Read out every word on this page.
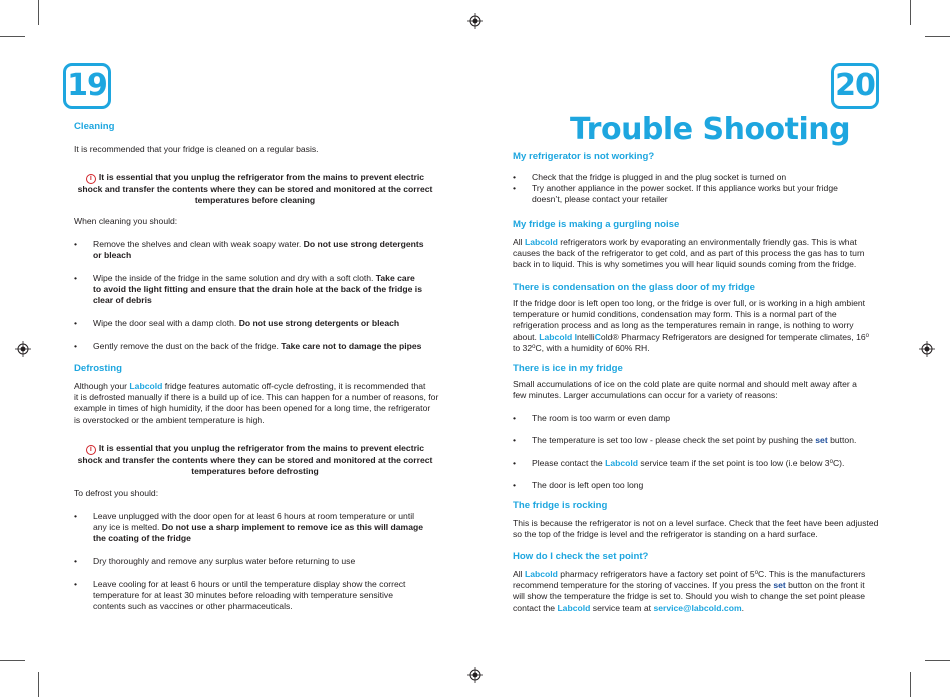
19
Cleaning
It is recommended that your fridge is cleaned on a regular basis.
i It is essential that you unplug the refrigerator from the mains to prevent electric
shock and transfer the contents where they can be stored and monitored at the correct
temperatures before cleaning
When cleaning you should:
• Remove the shelves and clean with weak soapy water. Do not use strong detergents
or bleach
• Wipe the inside of the fridge in the same solution and dry with a soft cloth. Take care
to avoid the light fitting and ensure that the drain hole at the back of the fridge is
clear of debris
• Wipe the door seal with a damp cloth. Do not use strong detergents or bleach
• Gently remove the dust on the back of the fridge. Take care not to damage the pipes
Defrosting
Although your Labcold fridge features automatic off-cycle defrosting, it is recommended that
it is defrosted manually if there is a build up of ice. This can happen for a number of reasons, for
example in times of high humidity, if the door has been opened for a long time, the refrigerator
is overstocked or the ambient temperature is high.
i It is essential that you unplug the refrigerator from the mains to prevent electric
shock and transfer the contents where they can be stored and monitored at the correct
temperatures before defrosting
To defrost you should:
• Leave unplugged with the door open for at least 6 hours at room temperature or until
any ice is melted. Do not use a sharp implement to remove ice as this will damage
the coating of the fridge
• Dry thoroughly and remove any surplus water before returning to use
• Leave cooling for at least 6 hours or until the temperature display show the correct
temperature for at least 30 minutes before reloading with temperature sensitive
contents such as vaccines or other pharmaceuticals.
20
Trouble Shooting
My refrigerator is not working?
• Check that the fridge is plugged in and the plug socket is turned on
• Try another appliance in the power socket. If this appliance works but your fridge
doesn’t, please contact your retailer
My fridge is making a gurgling noise
All Labcold refrigerators work by evaporating an environmentally friendly gas. This is what
causes the back of the refrigerator to get cold, and as part of this process the gas has to turn
back in to liquid. This is why sometimes you will hear liquid sounds coming from the fridge.
There is condensation on the glass door of my fridge
If the fridge door is left open too long, or the fridge is over full, or is working in a high ambient
temperature or humid conditions, condensation may form. This is a normal part of the
refrigeration process and as long as the temperatures remain in range, is nothing to worry
about. Labcold IntelliCold® Pharmacy Refrigerators are designed for temperate climates, 16$^o$
to 32$^o$C, with a humidity of 60% RH.
There is ice in my fridge
Small accumulations of ice on the cold plate are quite normal and should melt away after a
few minutes. Larger accumulations can occur for a variety of reasons:
• The room is too warm or even damp
• The temperature is set too low - please check the set point by pushing the set button.
• Please contact the Labcold service team if the set point is too low (i.e below 3$^o$C).
• The door is left open too long
The fridge is rocking
This is because the refrigerator is not on a level surface. Check that the feet have been adjusted
so the top of the fridge is level and the refrigerator is standing on a hard surface.
How do I check the set point?
All Labcold pharmacy refrigerators have a factory set point of 5$^o$C. This is the manufacturers
recommend temperature for the storing of vaccines. If you press the set button on the front it
will show the temperature the fridge is set to. Should you wish to change the set point please
contact the Labcold service team at service@labcold.com.
